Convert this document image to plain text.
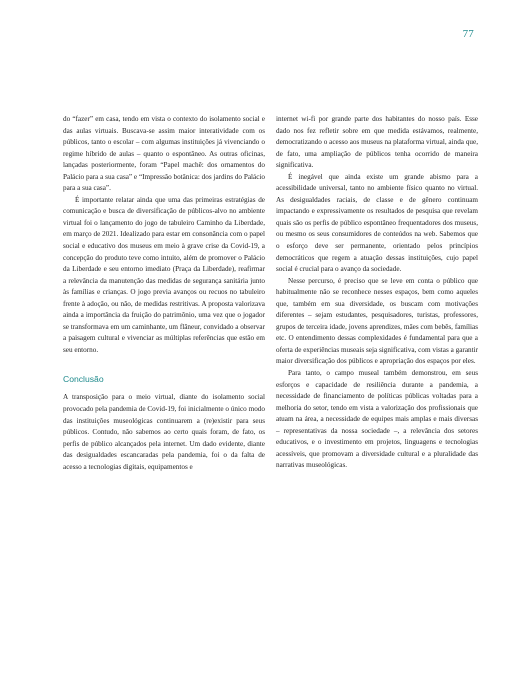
77

do “fazer” em casa, tendo em vista o contexto do isolamento social e das aulas virtuais. Buscava-se assim maior interatividade com os públicos, tanto o escolar – com algumas instituições já vivenciando o regime híbrido de aulas – quanto o espontâneo. As outras oficinas, lançadas posteriormente, foram “Papel machê: dos ornamentos do Palácio para a sua casa” e “Impressão botânica: dos jardins do Palácio para a sua casa”.

É importante relatar ainda que uma das primeiras estratégias de comunicação e busca de diversificação de públicos-alvo no ambiente virtual foi o lançamento do jogo de tabuleiro Caminho da Liberdade, em março de 2021. Idealizado para estar em consonância com o papel social e educativo dos museus em meio à grave crise da Covid-19, a concepção do produto teve como intuito, além de promover o Palácio da Liberdade e seu entorno imediato (Praça da Liberdade), reafirmar a relevância da manutenção das medidas de segurança sanitária junto às famílias e crianças. O jogo previa avanços ou recuos no tabuleiro frente à adoção, ou não, de medidas restritivas. A proposta valorizava ainda a importância da fruição do patrimônio, uma vez que o jogador se transformava em um caminhante, um flâneur, convidado a observar a paisagem cultural e vivenciar as múltiplas referências que estão em seu entorno.

Conclusão

A transposição para o meio virtual, diante do isolamento social provocado pela pandemia de Covid-19, foi inicialmente o único modo das instituições museológicas continuarem a (re)existir para seus públicos. Contudo, não sabemos ao certo quais foram, de fato, os perfis de público alcançados pela internet. Um dado evidente, diante das desigualdades escancaradas pela pandemia, foi o da falta de acesso a tecnologias digitais, equipamentos e

internet wi-fi por grande parte dos habitantes do nosso país. Esse dado nos fez refletir sobre em que medida estávamos, realmente, democratizando o acesso aos museus na plataforma virtual, ainda que, de fato, uma ampliação de públicos tenha ocorrido de maneira significativa.

É inegável que ainda existe um grande abismo para a acessibilidade universal, tanto no ambiente físico quanto no virtual. As desigualdades raciais, de classe e de gênero continuam impactando e expressivamente os resultados de pesquisa que revelam quais são os perfis de público espontâneo frequentadores dos museus, ou mesmo os seus consumidores de conteúdos na web. Sabemos que o esforço deve ser permanente, orientado pelos princípios democráticos que regem a atuação dessas instituições, cujo papel social é crucial para o avanço da sociedade.

Nesse percurso, é preciso que se leve em conta o público que habitualmente não se reconhece nesses espaços, bem como aqueles que, também em sua diversidade, os buscam com motivações diferentes – sejam estudantes, pesquisadores, turistas, professores, grupos de terceira idade, jovens aprendizes, mães com bebês, famílias etc. O entendimento dessas complexidades é fundamental para que a oferta de experiências museais seja significativa, com vistas a garantir maior diversificação dos públicos e apropriação dos espaços por eles.

Para tanto, o campo museal também demonstrou, em seus esforços e capacidade de resiliência durante a pandemia, a necessidade de financiamento de políticas públicas voltadas para a melhoria do setor, tendo em vista a valorização dos profissionais que atuam na área, a necessidade de equipes mais amplas e mais diversas – representativas da nossa sociedade –, a relevância dos setores educativos, e o investimento em projetos, linguagens e tecnologias acessíveis, que promovam a diversidade cultural e a pluralidade das narrativas museológicas.
